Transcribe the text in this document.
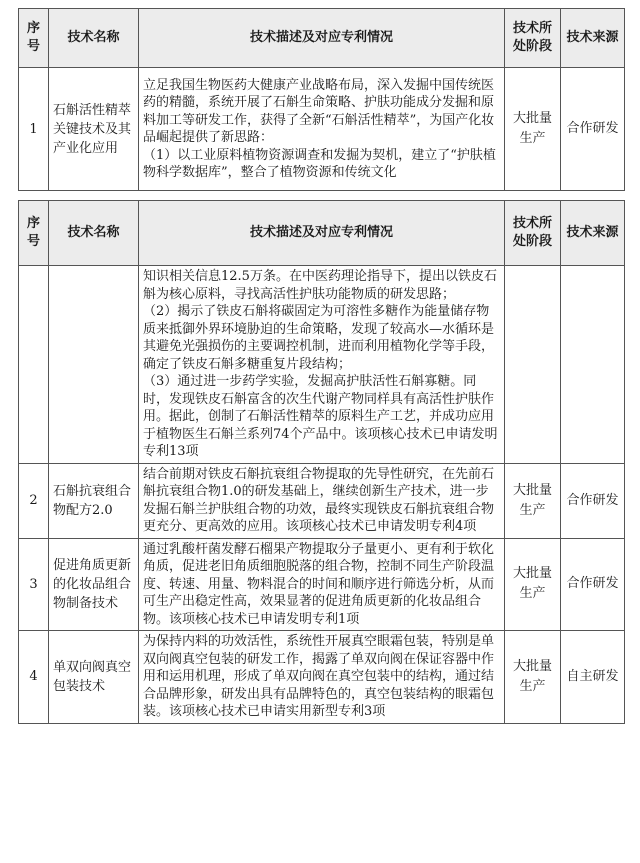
序号	技术名称	技术描述及对应专利情况	技术所处阶段	技术来源
1	石斛活性精萃关键技术及其产业化应用	立足我国生物医药大健康产业战略布局，深入发掘中国传统医药的精髓，系统开展了石斛生命策略、护肤功能成分发掘和原料加工等研发工作，获得了全新“石斛活性精萃”，为国产化妆品崛起提供了新思路：
（1）以工业原料植物资源调查和发掘为契机，建立了“护肤植物科学数据库”，整合了植物资源和传统文化	大批量生产	合作研发
序号	技术名称	技术描述及对应专利情况	技术所处阶段	技术来源

		知识相关信息12.5万条。在中医药理论指导下，提出以铁皮石斛为核心原料，寻找高活性护肤功能物质的研发思路；
（2）揭示了铁皮石斛将碳固定为可溶性多糖作为能量储存物质来抵御外界环境胁迫的生命策略，发现了较高水—水循环是其避免光强损伤的主要调控机制，进而利用植物化学等手段，确定了铁皮石斛多糖重复片段结构；
（3）通过进一步药学实验，发掘高护肤活性石斛寡糖。同时，发现铁皮石斛富含的次生代谢产物同样具有高活性护肤作用。据此，创制了石斛活性精萃的原料生产工艺，并成功应用于植物医生石斛兰系列74个产品中。该项核心技术已申请发明专利13项		

2	石斛抗衰组合物配方2.0	结合前期对铁皮石斛抗衰组合物提取的先导性研究，在先前石斛抗衰组合物1.0的研发基础上，继续创新生产技术，进一步发掘石斛兰护肤组合物的功效，最终实现铁皮石斛抗衰组合物更充分、更高效的应用。该项核心技术已申请发明专利4项	大批量生产	合作研发
3	促进角质更新的化妆品组合物制备技术	通过乳酸杆菌发酵石榴果产物提取分子量更小、更有利于软化角质，促进老旧角质细胞脱落的组合物，控制不同生产阶段温度、转速、用量、物料混合的时间和顺序进行筛选分析，从而可生产出稳定性高，效果显著的促进角质更新的化妆品组合物。该项核心技术已申请发明专利1项	大批量生产	合作研发
4	单双向阀真空包装技术	为保持内料的功效活性，系统性开展真空眼霜包装，特别是单双向阀真空包装的研发工作，揭露了单双向阀在保证容器中作用和运用机理，形成了单双向阀在真空包装中的结构，通过结合品牌形象，研发出具有品牌特色的，真空包装结构的眼霜包装。该项核心技术已申请实用新型专利3项	大批量生产	自主研发
